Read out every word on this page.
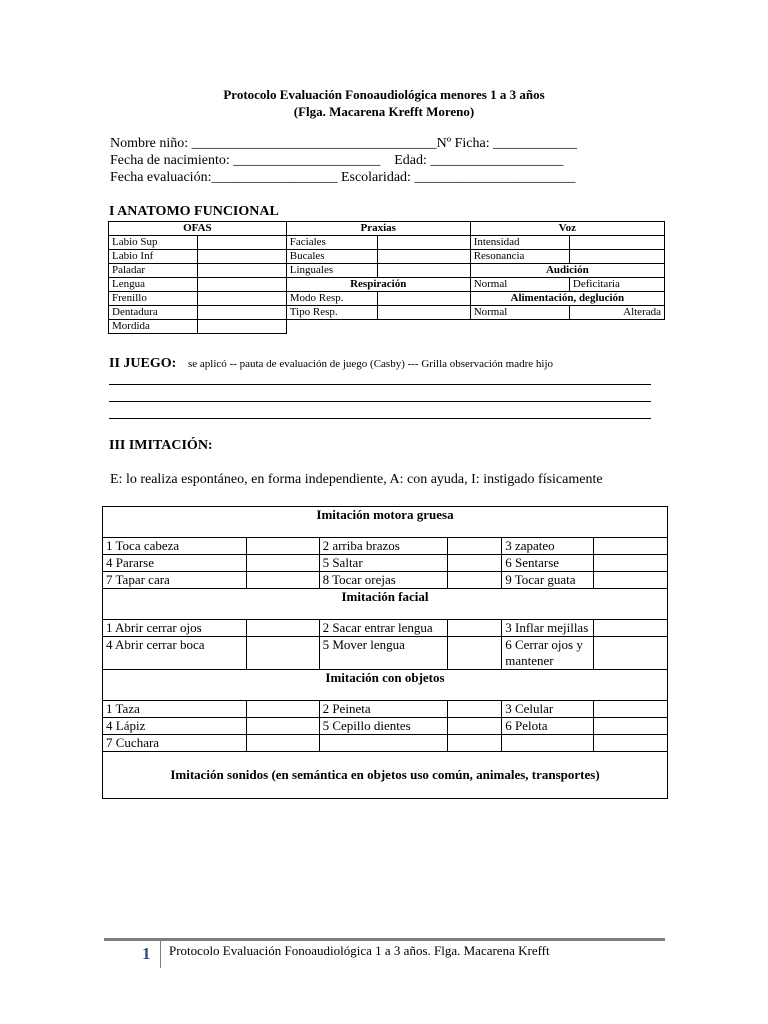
Protocolo Evaluación Fonoaudiológica menores 1 a 3 años
(Flga. Macarena Krefft Moreno)
Nombre niño: ___________________________________Nº Ficha: ____________
Fecha de nacimiento: _____________________    Edad: ___________________
Fecha evaluación:__________________ Escolaridad: _______________________
I ANATOMO FUNCIONAL
OFAS		Praxias		Voz	
Labio Sup		Faciales		Intensidad	
Labio Inf		Bucales		Resonancia	
Paladar		Linguales		Audición	
Lengua		Respiración		Normal	Deficitaria
Frenillo		Modo Resp.		Alimentación, deglución	
Dentadura		Tipo Resp.		Normal	Alterada
Mordida					
II JUEGO: se aplicó -- pauta de evaluación de juego (Casby) --- Grilla observación madre hijo
III IMITACIÓN:
E: lo realiza espontáneo, en forma independiente, A: con ayuda, I: instigado físicamente
Imitación motora gruesa					
1 Toca cabeza		2 arriba brazos		3 zapateo	
4 Pararse		5 Saltar		6 Sentarse	
7 Tapar cara		8 Tocar orejas		9 Tocar guata	
Imitación facial					
1 Abrir cerrar ojos		2 Sacar entrar lengua		3 Inflar mejillas	
4 Abrir cerrar boca		5 Mover lengua		6 Cerrar ojos y mantener	
Imitación con objetos					
1 Taza		2 Peineta		3 Celular	
4 Lápiz		5 Cepillo dientes		6 Pelota	
7 Cuchara					
Imitación sonidos (en semántica en objetos uso común, animales, transportes)					
1 Protocolo Evaluación Fonoaudiológica 1 a 3 años. Flga. Macarena Krefft
